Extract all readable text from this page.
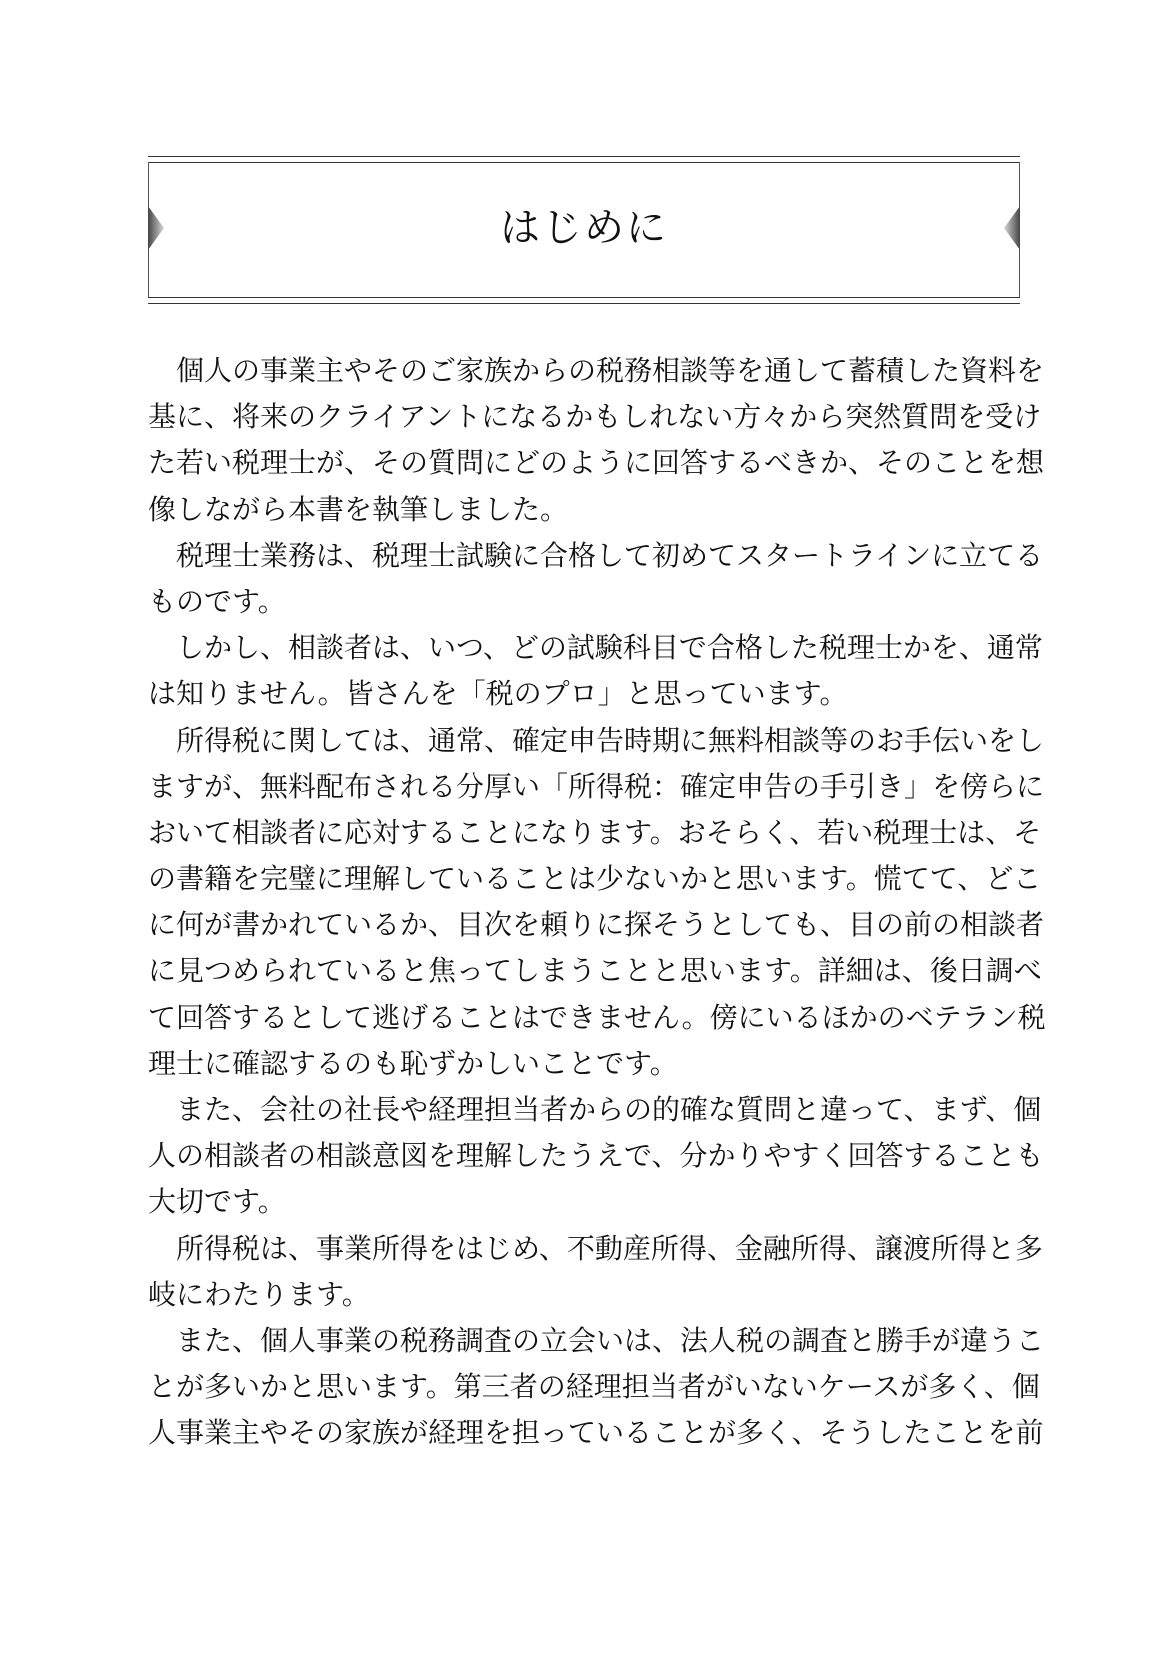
はじめに
　個人の事業主やそのご家族からの税務相談等を通して蓄積した資料を
基に、将来のクライアントになるかもしれない方々から突然質問を受け
た若い税理士が、その質問にどのように回答するべきか、そのことを想
像しながら本書を執筆しました。
　税理士業務は、税理士試験に合格して初めてスタートラインに立てる
ものです。
　しかし、相談者は、いつ、どの試験科目で合格した税理士かを、通常
は知りません。皆さんを「税のプロ」と思っています。
　所得税に関しては、通常、確定申告時期に無料相談等のお手伝いをし
ますが、無料配布される分厚い「所得税：確定申告の手引き」を傍らに
おいて相談者に応対することになります。おそらく、若い税理士は、そ
の書籍を完璧に理解していることは少ないかと思います。慌てて、どこ
に何が書かれているか、目次を頼りに探そうとしても、目の前の相談者
に見つめられていると焦ってしまうことと思います。詳細は、後日調べ
て回答するとして逃げることはできません。傍にいるほかのベテラン税
理士に確認するのも恥ずかしいことです。
　また、会社の社長や経理担当者からの的確な質問と違って、まず、個
人の相談者の相談意図を理解したうえで、分かりやすく回答することも
大切です。
　所得税は、事業所得をはじめ、不動産所得、金融所得、譲渡所得と多
岐にわたります。
　また、個人事業の税務調査の立会いは、法人税の調査と勝手が違うこ
とが多いかと思います。第三者の経理担当者がいないケースが多く、個
人事業主やその家族が経理を担っていることが多く、そうしたことを前
